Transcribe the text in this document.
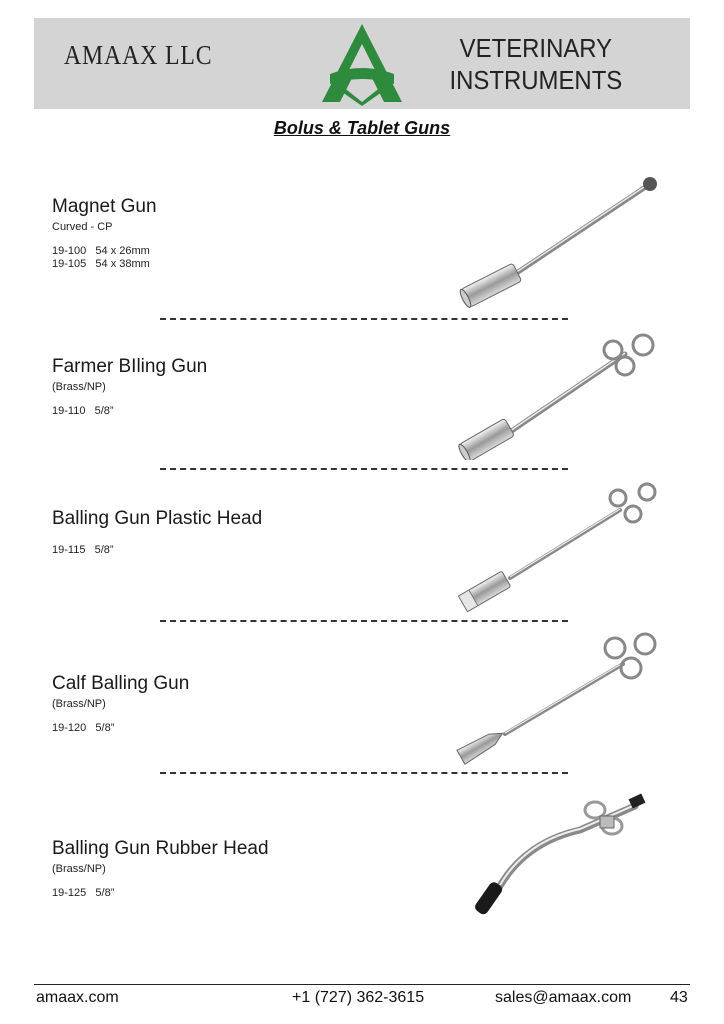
AMAAX LLC	VETERINARY
INSTRUMENTS
Bolus & Tablet Guns

Magnet Gun

Curved - CP

19-100   54 x 26mm
19-105   54 x 38mm

Farmer BIling Gun

(Brass/NP)

19-110   5/8”

Balling Gun Plastic Head

19-115   5/8”

Calf Balling Gun

(Brass/NP)

19-120   5/8”

Balling Gun Rubber Head

(Brass/NP)

19-125   5/8”
amaax.com	+1 (727) 362-3615	sales@amaax.com 43
